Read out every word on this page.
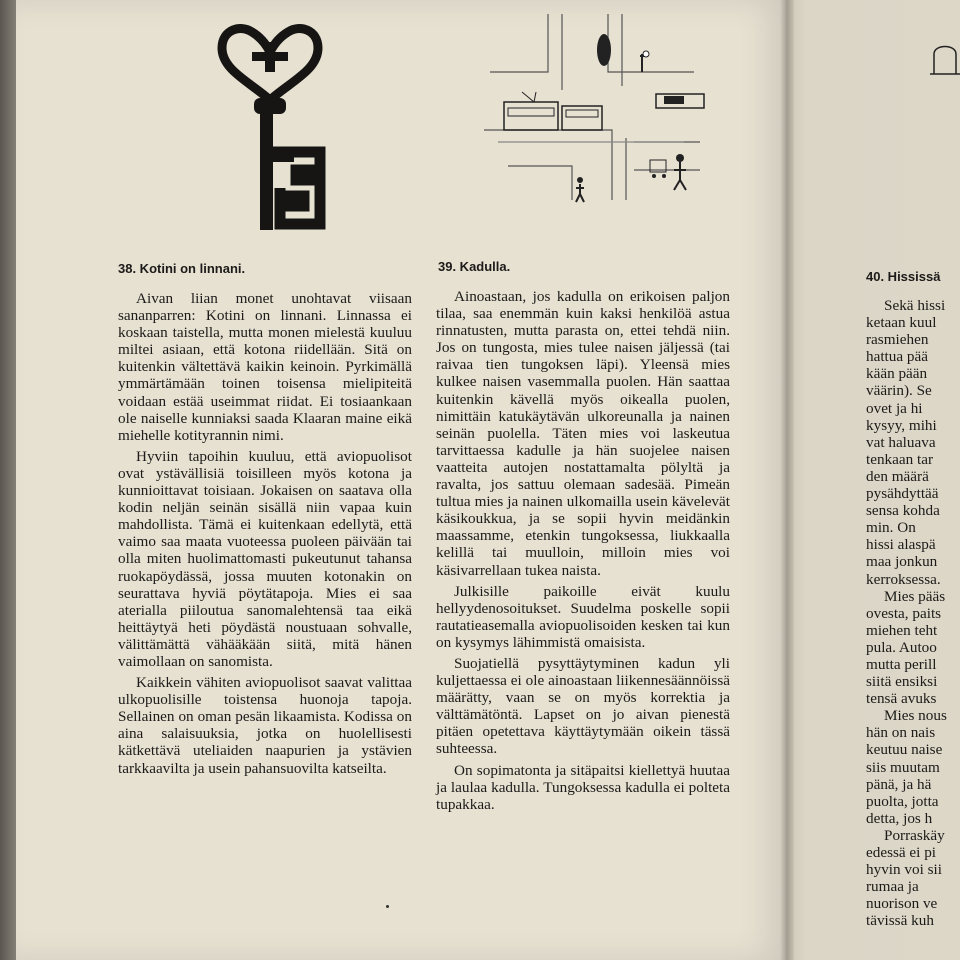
38. Kotini on linnani.

Aivan liian monet unohtavat viisaan sananparren: Kotini on linnani. Linnassa ei koskaan taistella, mutta monen mielestä kuuluu miltei asiaan, että kotona riidellään. Sitä on kuitenkin vältettävä kaikin keinoin. Pyrkimällä ymmärtämään toinen toisensa mielipiteitä voidaan estää useimmat riidat. Ei tosiaankaan ole naiselle kunniaksi saada Klaaran maine eikä miehelle kotityrannin nimi.

Hyviin tapoihin kuuluu, että aviopuolisot ovat ystävällisiä toisilleen myös kotona ja kunnioittavat toisiaan. Jokaisen on saatava olla kodin neljän seinän sisällä niin vapaa kuin mahdollista. Tämä ei kuitenkaan edellytä, että vaimo saa maata vuoteessa puoleen päivään tai olla miten huolimattomasti pukeutunut tahansa ruokapöydässä, jossa muuten kotonakin on seurattava hyviä pöytätapoja. Mies ei saa aterialla piiloutua sanomalehtensä taa eikä heittäytyä heti pöydästä noustuaan sohvalle, välittämättä vähääkään siitä, mitä hänen vaimollaan on sanomista.

Kaikkein vähiten aviopuolisot saavat valittaa ulkopuolisille toistensa huonoja tapoja. Sellainen on oman pesän likaamista. Kodissa on aina salaisuuksia, jotka on huolellisesti kätkettävä uteliaiden naapurien ja ystävien tarkkaavilta ja usein pahansuovilta katseilta.

39. Kadulla.

Ainoastaan, jos kadulla on erikoisen paljon tilaa, saa enemmän kuin kaksi henkilöä astua rinnatusten, mutta parasta on, ettei tehdä niin. Jos on tungosta, mies tulee naisen jäljessä (tai raivaa tien tungoksen läpi). Yleensä mies kulkee naisen vasemmalla puolen. Hän saattaa kuitenkin kävellä myös oikealla puolen, nimittäin katukäytävän ulkoreunalla ja nainen seinän puolella. Täten mies voi laskeutua tarvittaessa kadulle ja hän suojelee naisen vaatteita autojen nostattamalta pölyltä ja ravalta, jos sattuu olemaan sadesää. Pimeän tultua mies ja nainen ulkomailla usein kävelevät käsikoukkua, ja se sopii hyvin meidänkin maassamme, etenkin tungoksessa, liukkaalla kelillä tai muulloin, milloin mies voi käsivarrellaan tukea naista.

Julkisille paikoille eivät kuulu hellyydenosoitukset. Suudelma poskelle sopii rautatieasemalla aviopuolisoiden kesken tai kun on kysymys lähimmistä omaisista.

Suojatiellä pysyttäytyminen kadun yli kuljettaessa ei ole ainoastaan liikennesäännöissä määrätty, vaan se on myös korrektia ja välttämätöntä. Lapset on jo aivan pienestä pitäen opetettava käyttäytymään oikein tässä suhteessa.

On sopimatonta ja sitäpaitsi kiellettyä huutaa ja laulaa kadulla. Tungoksessa kadulla ei polteta tupakkaa.

40. Hississä
Sekä hissi
ketaan kuul
rasmiehen
hattua pää
kään pään
väärin). Se
ovet ja hi
kysyy, mihi
vat haluava
tenkaan tar
den määrä
pysähdyttää
sensa kohda
min. On
hissi alaspä
maa jonkun
kerroksessa.
Mies pääs
ovesta, paits
miehen teht
pula. Autoo
mutta perill
siitä ensiksi
tensä avuks
Mies nous
hän on nais
keutuu naise
siis muutam
pänä, ja hä
puolta, jotta
detta, jos h
Porraskäy
edessä ei pi
hyvin voi sii
rumaa ja
nuorison ve
tävissä kuh
